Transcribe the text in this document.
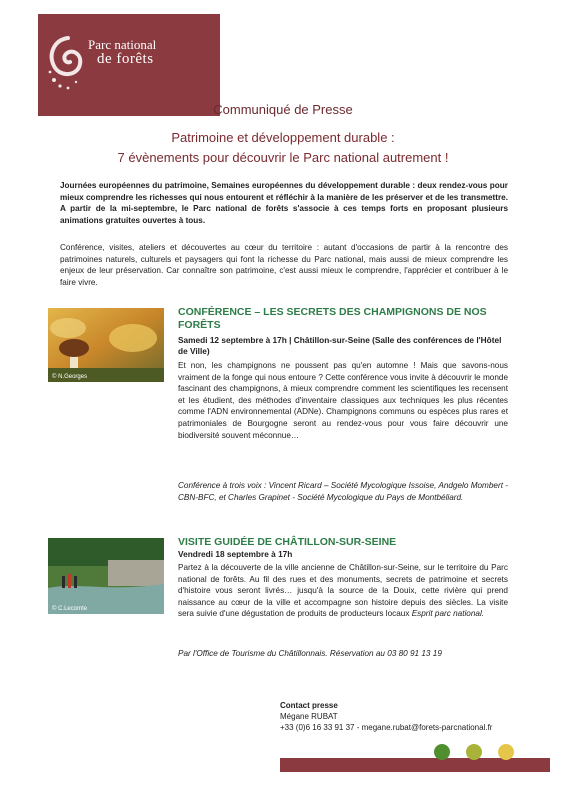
Parc national
de forêts
Communiqué de Presse
Patrimoine et développement durable :
7 évènements pour découvrir le Parc national autrement !
Journées européennes du patrimoine, Semaines européennes du développement durable : deux rendez-vous pour mieux comprendre les richesses qui nous entourent et réfléchir à la manière de les préserver et de les transmettre. A partir de la mi-septembre, le Parc national de forêts s'associe à ces temps forts en proposant plusieurs animations gratuites ouvertes à tous.
Conférence, visites, ateliers et découvertes au cœur du territoire : autant d'occasions de partir à la rencontre des patrimoines naturels, culturels et paysagers qui font la richesse du Parc national, mais aussi de mieux comprendre les enjeux de leur préservation. Car connaître son patrimoine, c'est aussi mieux le comprendre, l'apprécier et contribuer à le faire vivre.
© N.Georges
CONFÉRENCE – LES SECRETS DES CHAMPIGNONS DE NOS FORÊTS
Samedi 12 septembre à 17h | Châtillon-sur-Seine (Salle des conférences de l'Hôtel de Ville)
Et non, les champignons ne poussent pas qu'en automne ! Mais que savons-nous vraiment de la fonge qui nous entoure ? Cette conférence vous invite à découvrir le monde fascinant des champignons, à mieux comprendre comment les scientifiques les recensent et les étudient, des méthodes d'inventaire classiques aux techniques les plus récentes comme l'ADN environnemental (ADNe). Champignons communs ou espèces plus rares et patrimoniales de Bourgogne seront au rendez-vous pour vous faire découvrir une biodiversité souvent méconnue…
Conférence à trois voix : Vincent Ricard – Société Mycologique Issoise, Andgelo Mombert - CBN-BFC, et Charles Grapinet - Société Mycologique du Pays de Montbéliard.
© C.Lecomte
VISITE GUIDÉE DE CHÂTILLON-SUR-SEINE
Vendredi 18 septembre à 17h
Partez à la découverte de la ville ancienne de Châtillon-sur-Seine, sur le territoire du Parc national de forêts. Au fil des rues et des monuments, secrets de patrimoine et secrets d'histoire vous seront livrés… jusqu'à la source de la Douix, cette rivière qui prend naissance au cœur de la ville et accompagne son histoire depuis des siècles. La visite sera suivie d'une dégustation de produits de producteurs locaux Esprit parc national.
Par l'Office de Tourisme du Châtillonnais. Réservation au 03 80 91 13 19
Contact presse
Mégane RUBAT
+33 (0)6 16 33 91 37 - megane.rubat@forets-parcnational.fr
